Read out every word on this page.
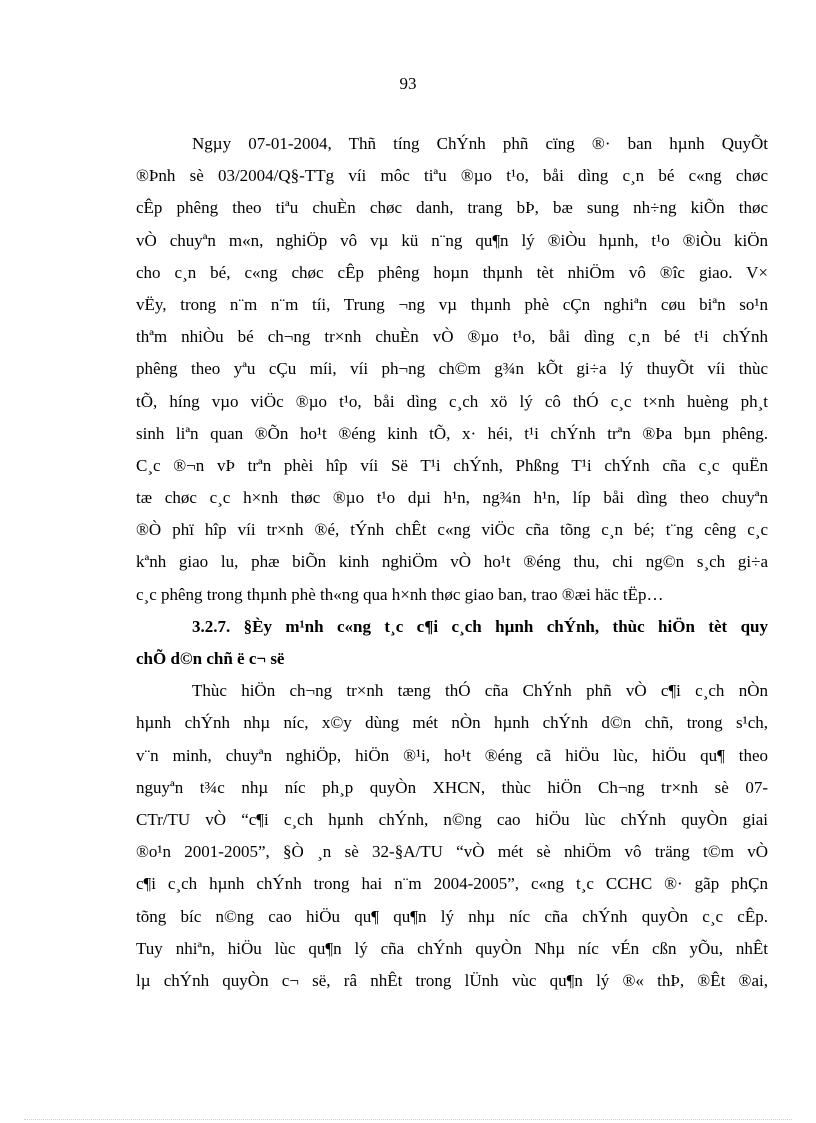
93
Ngµy 07-01-2004, Thñ tíng ChÝnh phñ cïng ®· ban hµnh QuyÕt
®Þnh sè 03/2004/Q§-TTg víi môc tiªu ®µo t¹o, båi dìng c¸n bé c«ng chøc
cÊp phêng theo tiªu chuÈn chøc danh, trang bÞ, bæ sung nh÷ng kiÕn thøc
vÒ chuyªn m«n, nghiÖp vô vµ kü n¨ng qu¶n lý ®iÒu hµnh, t¹o ®iÒu kiÖn
cho c¸n bé, c«ng chøc cÊp phêng hoµn thµnh tèt nhiÖm vô ®îc giao. V×
vËy, trong n¨m n¨m tíi, Trung ¬ng vµ thµnh phè cÇn nghiªn cøu biªn so¹n
thªm nhiÒu bé ch¬ng tr×nh chuÈn vÒ ®µo t¹o, båi dìng c¸n bé t¹i chÝnh
phêng theo yªu cÇu míi, víi ph¬ng ch©m g¾n kÕt gi÷a lý thuyÕt víi thùc
tÕ, híng vµo viÖc ®µo t¹o, båi dìng c¸ch xö lý cô thÓ c¸c t×nh huèng ph¸t
sinh liªn quan ®Õn ho¹t ®éng kinh tÕ, x· héi, t¹i chÝnh trªn ®Þa bµn phêng.
C¸c ®¬n vÞ trªn phèi hîp víi Së T¹i chÝnh, Phßng T¹i chÝnh cña c¸c quËn
tæ chøc c¸c h×nh thøc ®µo t¹o dµi h¹n, ng¾n h¹n, líp båi dìng theo chuyªn
®Ò phï hîp víi tr×nh ®é, tÝnh chÊt c«ng viÖc cña tõng c¸n bé; t¨ng cêng c¸c
kªnh giao lu, phæ biÕn kinh nghiÖm vÒ ho¹t ®éng thu, chi ng©n s¸ch gi÷a
c¸c phêng trong thµnh phè th«ng qua h×nh thøc giao ban, trao ®æi häc tËp…
3.2.7. §Èy m¹nh c«ng t¸c c¶i c¸ch hµnh chÝnh, thùc hiÖn tèt quy
chÕ d©n chñ ë c¬ së
Thùc hiÖn ch¬ng tr×nh tæng thÓ cña ChÝnh phñ vÒ c¶i c¸ch nÒn
hµnh chÝnh nhµ níc, x©y dùng mét nÒn hµnh chÝnh d©n chñ, trong s¹ch,
v¨n minh, chuyªn nghiÖp, hiÖn ®¹i, ho¹t ®éng cã hiÖu lùc, hiÖu qu¶ theo
nguyªn t¾c nhµ níc ph¸p quyÒn XHCN, thùc hiÖn Ch¬ng tr×nh sè 07-
CTr/TU vÒ “c¶i c¸ch hµnh chÝnh, n©ng cao hiÖu lùc chÝnh quyÒn giai
®o¹n 2001-2005”, §Ò ¸n sè 32-§A/TU “vÒ mét sè nhiÖm vô träng t©m vÒ
c¶i c¸ch hµnh chÝnh trong hai n¨m 2004-2005”, c«ng t¸c CCHC ®· gãp phÇn
tõng bíc n©ng cao hiÖu qu¶ qu¶n lý nhµ níc cña chÝnh quyÒn c¸c cÊp.
Tuy nhiªn, hiÖu lùc qu¶n lý cña chÝnh quyÒn Nhµ níc vÉn cßn yÕu, nhÊt
lµ chÝnh quyÒn c¬ së, râ nhÊt trong lÜnh vùc qu¶n lý ®« thÞ, ®Êt ®ai,
